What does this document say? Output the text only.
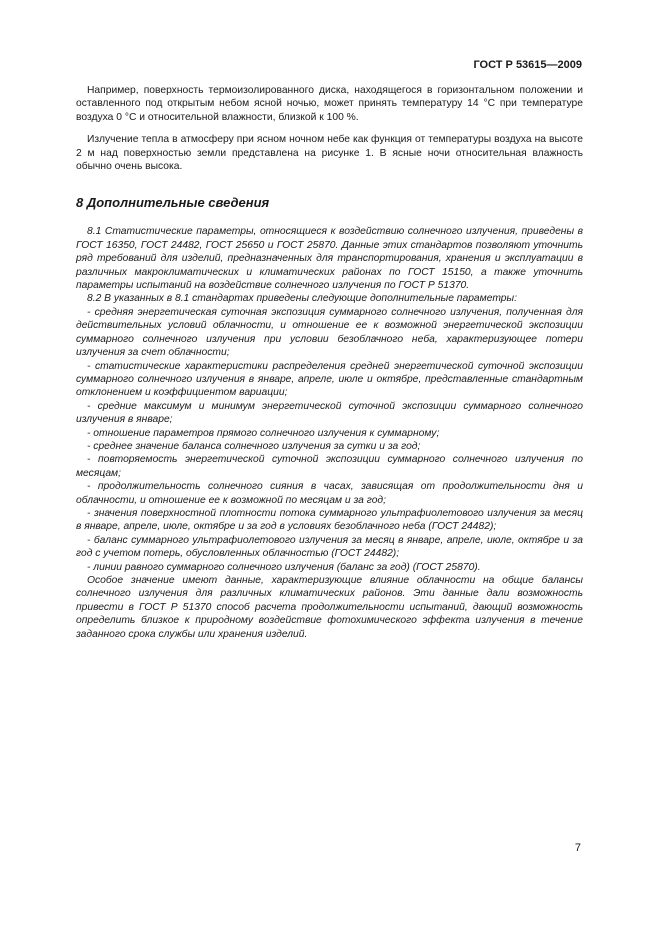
ГОСТ Р 53615—2009

Например, поверхность термоизолированного диска, находящегося в горизонтальном положении и оставленного под открытым небом ясной ночью, может принять температуру 14 °С при температуре воздуха 0 °С и относительной влажности, близкой к 100 %.

Излучение тепла в атмосферу при ясном ночном небе как функция от температуры воздуха на высоте 2 м над поверхностью земли представлена на рисунке 1. В ясные ночи относительная влажность обычно очень высока.

8 Дополнительные сведения

8.1 Статистические параметры, относящиеся к воздействию солнечного излучения, приведены в ГОСТ 16350, ГОСТ 24482, ГОСТ 25650 и ГОСТ 25870. Данные этих стандартов позволяют уточнить ряд требований для изделий, предназначенных для транспортирования, хранения и эксплуатации в различных макроклиматических и климатических районах по ГОСТ 15150, а также уточнить параметры испытаний на воздействие солнечного излучения по ГОСТ Р 51370.

8.2 В указанных в 8.1 стандартах приведены следующие дополнительные параметры:

- средняя энергетическая суточная экспозиция суммарного солнечного излучения, полученная для действительных условий облачности, и отношение ее к возможной энергетической экспозиции суммарного солнечного излучения при условии безоблачного неба, характеризующее потери излучения за счет облачности;

- статистические характеристики распределения средней энергетической суточной экспозиции суммарного солнечного излучения в январе, апреле, июле и октябре, представленные стандартным отклонением и коэффициентом вариации;

- средние максимум и минимум энергетической суточной экспозиции суммарного солнечного излучения в январе;

- отношение параметров прямого солнечного излучения к суммарному;

- среднее значение баланса солнечного излучения за сутки и за год;

- повторяемость энергетической суточной экспозиции суммарного солнечного излучения по месяцам;

- продолжительность солнечного сияния в часах, зависящая от продолжительности дня и облачности, и отношение ее к возможной по месяцам и за год;

- значения поверхностной плотности потока суммарного ультрафиолетового излучения за месяц в январе, апреле, июле, октябре и за год в условиях безоблачного неба (ГОСТ 24482);

- баланс суммарного ультрафиолетового излучения за месяц в январе, апреле, июле, октябре и за год с учетом потерь, обусловленных облачностью (ГОСТ 24482);

- линии равного суммарного солнечного излучения (баланс за год) (ГОСТ 25870).

Особое значение имеют данные, характеризующие влияние облачности на общие балансы солнечного излучения для различных климатических районов. Эти данные дали возможность привести в ГОСТ Р 51370 способ расчета продолжительности испытаний, дающий возможность определить близкое к природному воздействие фотохимического эффекта излучения в течение заданного срока службы или хранения изделий.

7
